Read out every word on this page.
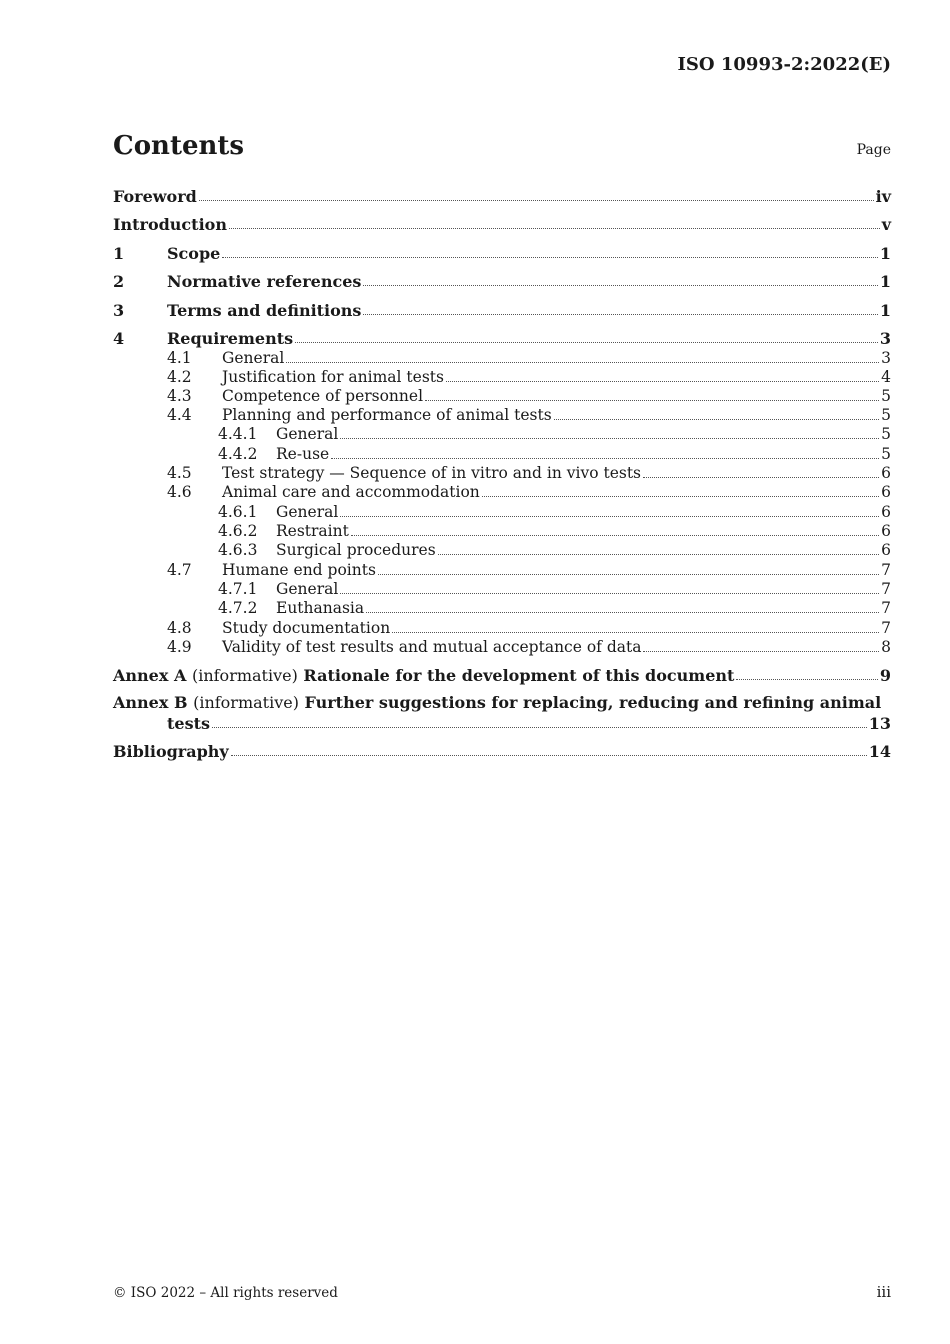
ISO 10993-2:2022(E)
Contents	Page
Foreword	iv
Introduction	v
1	Scope	1
2	Normative references	1
3	Terms and definitions	1
4	Requirements	3
4.1	General	3
4.2	Justification for animal tests	4
4.3	Competence of personnel	5
4.4	Planning and performance of animal tests	5
4.4.1	General	5
4.4.2	Re-use	5
4.5	Test strategy — Sequence of in vitro and in vivo tests	6
4.6	Animal care and accommodation	6
4.6.1	General	6
4.6.2	Restraint	6
4.6.3	Surgical procedures	6
4.7	Humane end points	7
4.7.1	General	7
4.7.2	Euthanasia	7
4.8	Study documentation	7
4.9	Validity of test results and mutual acceptance of data	8
Annex A (informative) Rationale for the development of this document	9
Annex B (informative) Further suggestions for replacing, reducing and refining animal
tests	13
Bibliography	14
© ISO 2022 – All rights reserved	iii
